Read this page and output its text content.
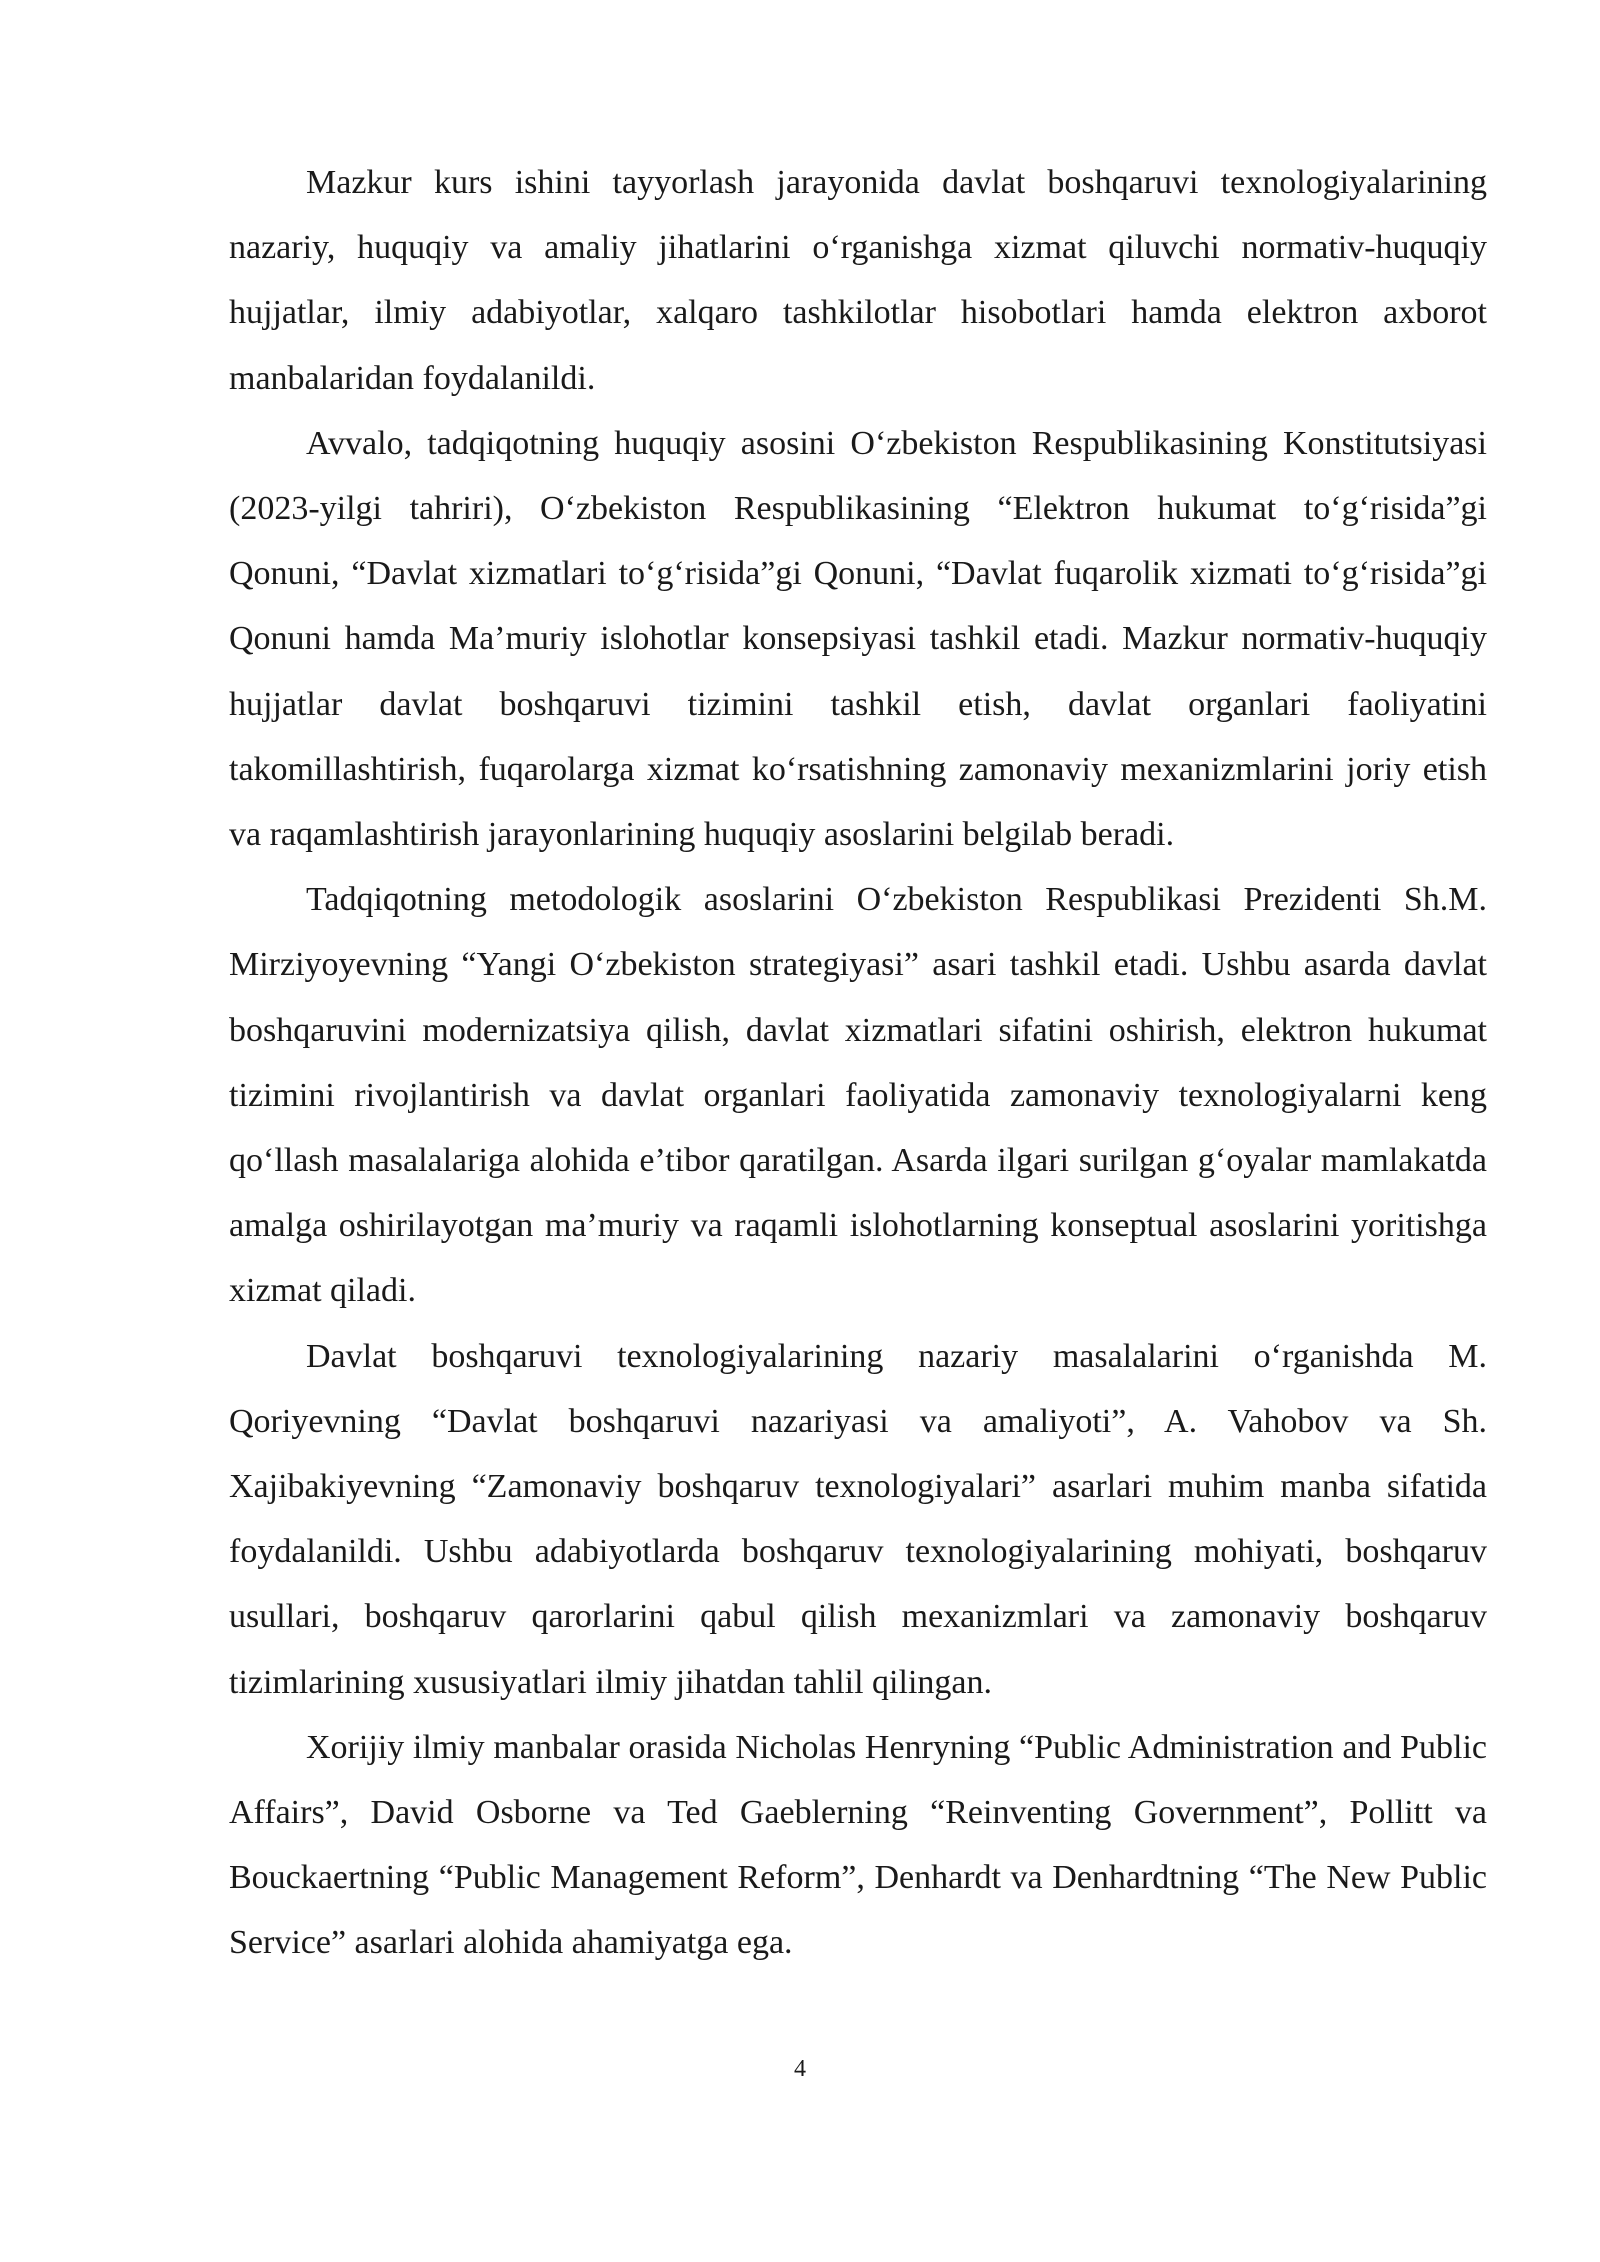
Mazkur kurs ishini tayyorlash jarayonida davlat boshqaruvi texnologiyalarining nazariy, huquqiy va amaliy jihatlarini o‘rganishga xizmat qiluvchi normativ-huquqiy hujjatlar, ilmiy adabiyotlar, xalqaro tashkilotlar hisobotlari hamda elektron axborot manbalaridan foydalanildi.

Avvalo, tadqiqotning huquqiy asosini O‘zbekiston Respublikasining Konstitutsiyasi (2023-yilgi tahriri), O‘zbekiston Respublikasining “Elektron hukumat to‘g‘risida”gi Qonuni, “Davlat xizmatlari to‘g‘risida”gi Qonuni, “Davlat fuqarolik xizmati to‘g‘risida”gi Qonuni hamda Ma’muriy islohotlar konsepsiyasi tashkil etadi. Mazkur normativ-huquqiy hujjatlar davlat boshqaruvi tizimini tashkil etish, davlat organlari faoliyatini takomillashtirish, fuqarolarga xizmat ko‘rsatishning zamonaviy mexanizmlarini joriy etish va raqamlashtirish jarayonlarining huquqiy asoslarini belgilab beradi.

Tadqiqotning metodologik asoslarini O‘zbekiston Respublikasi Prezidenti Sh.M. Mirziyoyevning “Yangi O‘zbekiston strategiyasi” asari tashkil etadi. Ushbu asarda davlat boshqaruvini modernizatsiya qilish, davlat xizmatlari sifatini oshirish, elektron hukumat tizimini rivojlantirish va davlat organlari faoliyatida zamonaviy texnologiyalarni keng qo‘llash masalalariga alohida e’tibor qaratilgan. Asarda ilgari surilgan g‘oyalar mamlakatda amalga oshirilayotgan ma’muriy va raqamli islohotlarning konseptual asoslarini yoritishga xizmat qiladi.

Davlat boshqaruvi texnologiyalarining nazariy masalalarini o‘rganishda M. Qoriyevning “Davlat boshqaruvi nazariyasi va amaliyoti”, A. Vahobov va Sh. Xajibakiyevning “Zamonaviy boshqaruv texnologiyalari” asarlari muhim manba sifatida foydalanildi. Ushbu adabiyotlarda boshqaruv texnologiyalarining mohiyati, boshqaruv usullari, boshqaruv qarorlarini qabul qilish mexanizmlari va zamonaviy boshqaruv tizimlarining xususiyatlari ilmiy jihatdan tahlil qilingan.

Xorijiy ilmiy manbalar orasida Nicholas Henryning “Public Administration and Public Affairs”, David Osborne va Ted Gaeblerning “Reinventing Government”, Pollitt va Bouckaertning “Public Management Reform”, Denhardt va Denhardtning “The New Public Service” asarlari alohida ahamiyatga ega.

4
